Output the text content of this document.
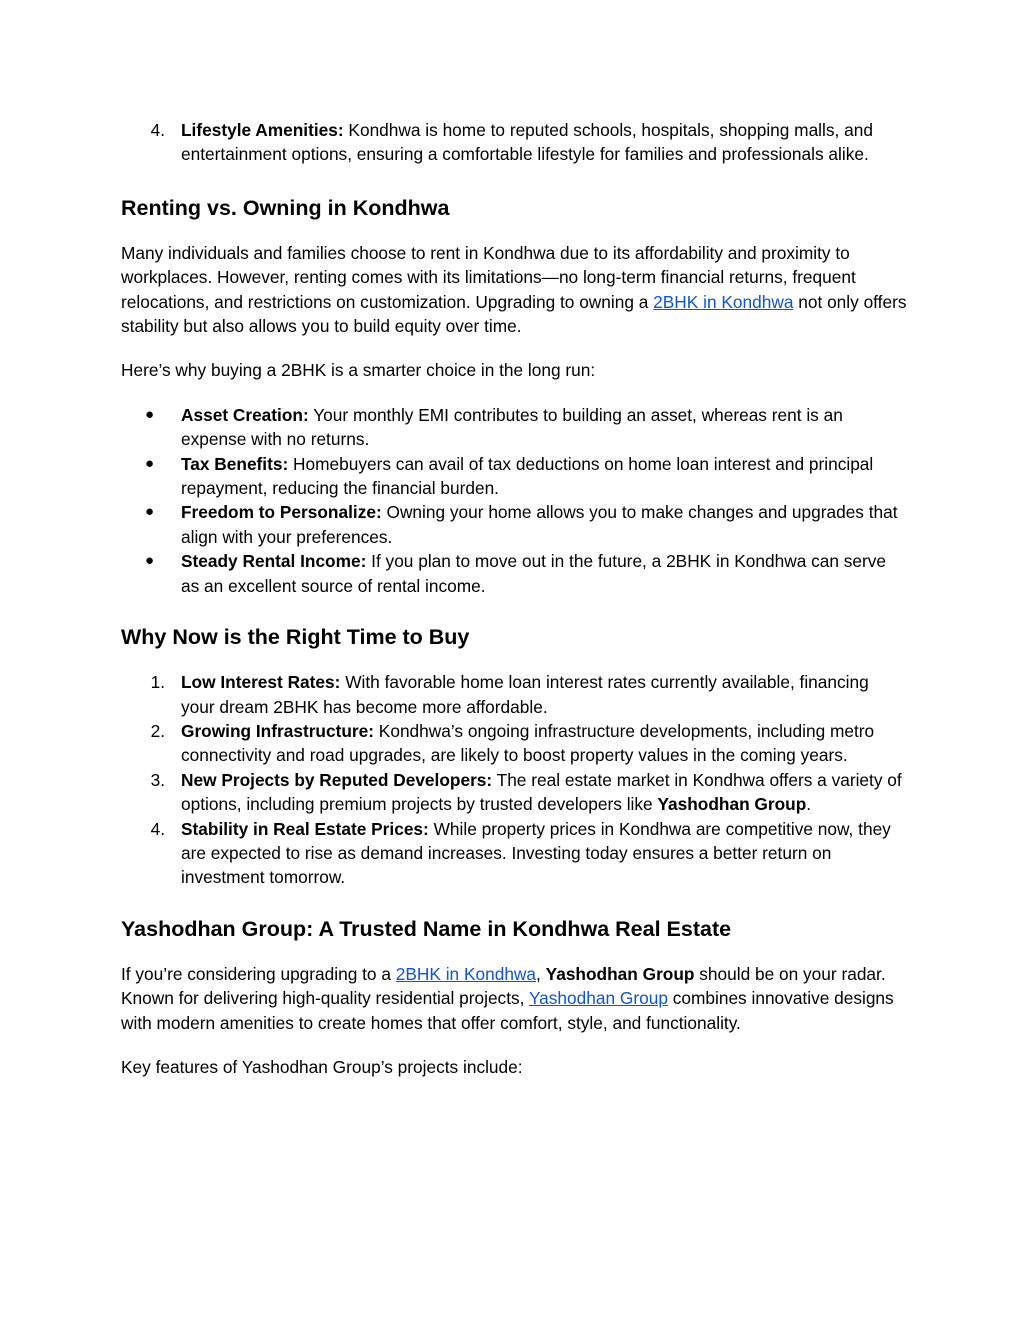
4. Lifestyle Amenities: Kondhwa is home to reputed schools, hospitals, shopping malls, and entertainment options, ensuring a comfortable lifestyle for families and professionals alike.
Renting vs. Owning in Kondhwa

Many individuals and families choose to rent in Kondhwa due to its affordability and proximity to workplaces. However, renting comes with its limitations—no long-term financial returns, frequent relocations, and restrictions on customization. Upgrading to owning a 2BHK in Kondhwa not only offers stability but also allows you to build equity over time.

Here’s why buying a 2BHK is a smarter choice in the long run:

● Asset Creation: Your monthly EMI contributes to building an asset, whereas rent is an expense with no returns.
● Tax Benefits: Homebuyers can avail of tax deductions on home loan interest and principal repayment, reducing the financial burden.
● Freedom to Personalize: Owning your home allows you to make changes and upgrades that align with your preferences.
● Steady Rental Income: If you plan to move out in the future, a 2BHK in Kondhwa can serve as an excellent source of rental income.
Why Now is the Right Time to Buy
1. Low Interest Rates: With favorable home loan interest rates currently available, financing your dream 2BHK has become more affordable.
2. Growing Infrastructure: Kondhwa’s ongoing infrastructure developments, including metro connectivity and road upgrades, are likely to boost property values in the coming years.
3. New Projects by Reputed Developers: The real estate market in Kondhwa offers a variety of options, including premium projects by trusted developers like Yashodhan Group.
4. Stability in Real Estate Prices: While property prices in Kondhwa are competitive now, they are expected to rise as demand increases. Investing today ensures a better return on investment tomorrow.
Yashodhan Group: A Trusted Name in Kondhwa Real Estate

If you’re considering upgrading to a 2BHK in Kondhwa, Yashodhan Group should be on your radar. Known for delivering high-quality residential projects, Yashodhan Group combines innovative designs with modern amenities to create homes that offer comfort, style, and functionality.

Key features of Yashodhan Group’s projects include:
